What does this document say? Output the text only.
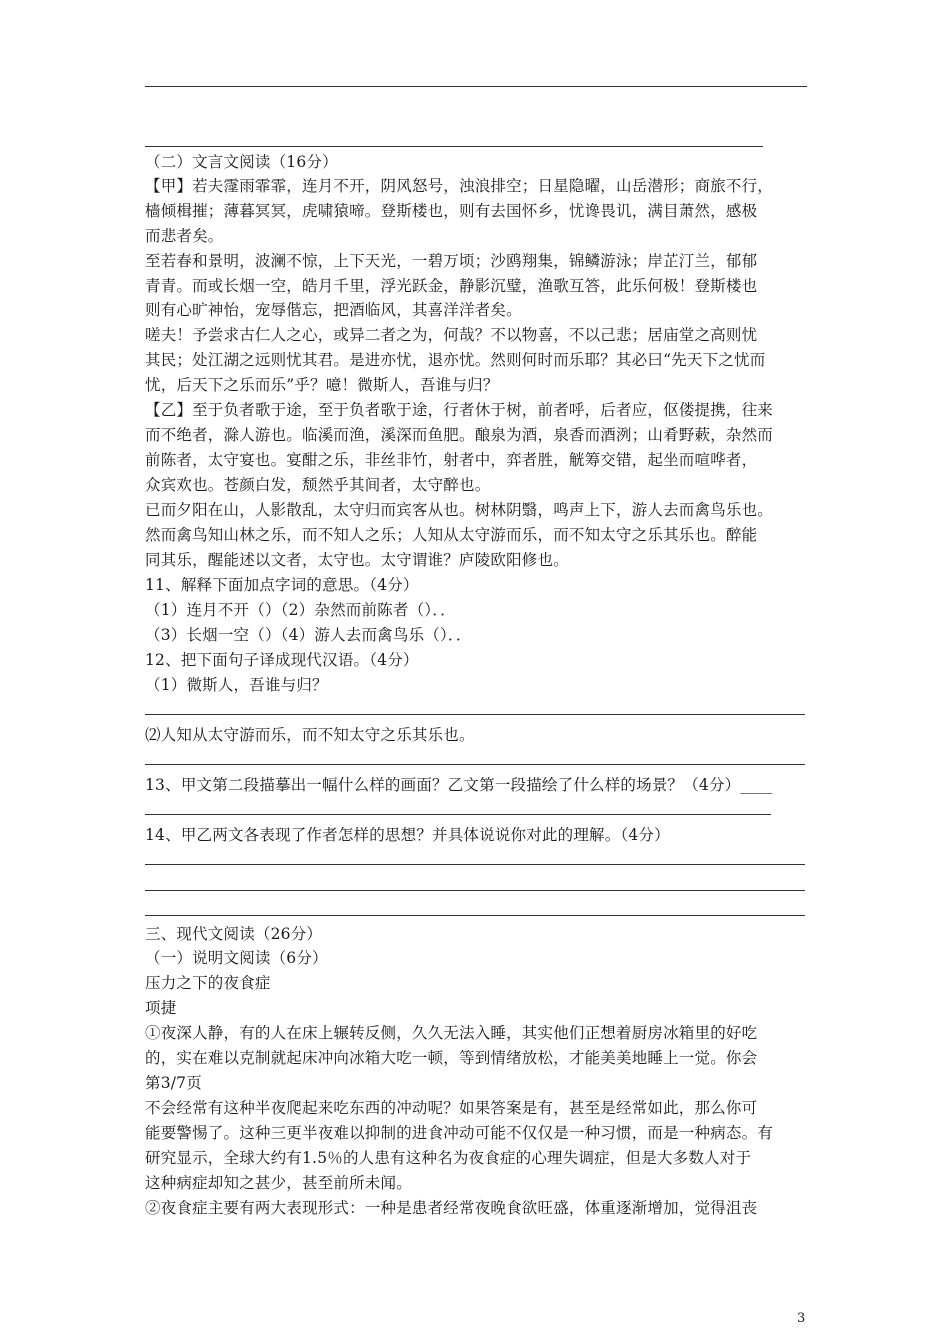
（二）文言文阅读（16分）
【甲】若夫霪雨霏霏，连月不开，阴风怒号，浊浪排空；日星隐曜，山岳潜形；商旅不行，
樯倾楫摧；薄暮冥冥，虎啸猿啼。登斯楼也，则有去国怀乡，忧谗畏讥，满目萧然，感极
而悲者矣。
至若春和景明，波澜不惊，上下天光，一碧万顷；沙鸥翔集，锦鳞游泳；岸芷汀兰，郁郁
青青。而或长烟一空，皓月千里，浮光跃金，静影沉璧，渔歌互答，此乐何极！登斯楼也
则有心旷神怡，宠辱偕忘，把酒临风，其喜洋洋者矣。
嗟夫！予尝求古仁人之心，或异二者之为，何哉？不以物喜，不以己悲；居庙堂之高则忧
其民；处江湖之远则忧其君。是进亦忧，退亦忧。然则何时而乐耶？其必曰“先天下之忧而
忧，后天下之乐而乐”乎？噫！微斯人，吾谁与归？
【乙】至于负者歌于途，至于负者歌于途，行者休于树，前者呼，后者应，伛偻提携，往来
而不绝者，滁人游也。临溪而渔，溪深而鱼肥。酿泉为酒，泉香而酒洌；山肴野蔌，杂然而
前陈者，太守宴也。宴酣之乐，非丝非竹，射者中，弈者胜，觥筹交错，起坐而喧哗者，
众宾欢也。苍颜白发，颓然乎其间者，太守醉也。
已而夕阳在山，人影散乱，太守归而宾客从也。树林阴翳，鸣声上下，游人去而禽鸟乐也。
然而禽鸟知山林之乐，而不知人之乐；人知从太守游而乐，而不知太守之乐其乐也。醉能
同其乐，醒能述以文者，太守也。太守谓谁？庐陵欧阳修也。
11、解释下面加点字词的意思。（4分）
（1）连月不开（）（2）杂然而前陈者（）．．
（3）长烟一空（）（4）游人去而禽鸟乐（）．．
12、把下面句子译成现代汉语。（4分）
（1）微斯人，吾谁与归？
⑵人知从太守游而乐，而不知太守之乐其乐也。
13、甲文第二段描摹出一幅什么样的画面？乙文第一段描绘了什么样的场景？（4分）____
14、甲乙两文各表现了作者怎样的思想？并具体说说你对此的理解。（4分）
三、现代文阅读（26分）
（一）说明文阅读（6分）
压力之下的夜食症
项捷
①夜深人静，有的人在床上辗转反侧，久久无法入睡，其实他们正想着厨房冰箱里的好吃
的，实在难以克制就起床冲向冰箱大吃一顿，等到情绪放松，才能美美地睡上一觉。你会
第3/7页
不会经常有这种半夜爬起来吃东西的冲动呢？如果答案是有，甚至是经常如此，那么你可
能要警惕了。这种三更半夜难以抑制的进食冲动可能不仅仅是一种习惯，而是一种病态。有
研究显示，全球大约有1.5％的人患有这种名为夜食症的心理失调症，但是大多数人对于
这种病症却知之甚少，甚至前所未闻。
②夜食症主要有两大表现形式：一种是患者经常夜晚食欲旺盛，体重逐渐增加，觉得沮丧
3
